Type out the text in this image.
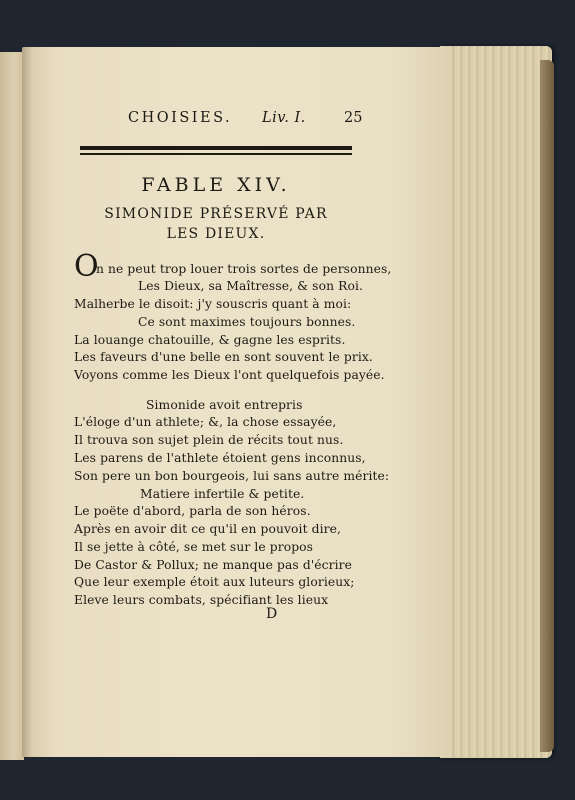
CHOISIES. Liv. I.	25
FABLE XIV.
SIMONIDE PRÉSERVÉ PAR
LES DIEUX.
O
n ne peut trop louer trois sortes de personnes,
Les Dieux, sa Maîtresse, & son Roi.
Malherbe le disoit: j'y souscris quant à moi:
Ce sont maximes toujours bonnes.
La louange chatouille, & gagne les esprits.
Les faveurs d'une belle en sont souvent le prix.
Voyons comme les Dieux l'ont quelquefois payée.
Simonide avoit entrepris
L'éloge d'un athlete; &, la chose essayée,
Il trouva son sujet plein de récits tout nus.
Les parens de l'athlete étoient gens inconnus,
Son pere un bon bourgeois, lui sans autre mérite:
Matiere infertile & petite.
Le poëte d'abord, parla de son héros.
Après en avoir dit ce qu'il en pouvoit dire,
Il se jette à côté, se met sur le propos
De Castor & Pollux; ne manque pas d'écrire
Que leur exemple étoit aux luteurs glorieux;
Eleve leurs combats, spécifiant les lieux
D
